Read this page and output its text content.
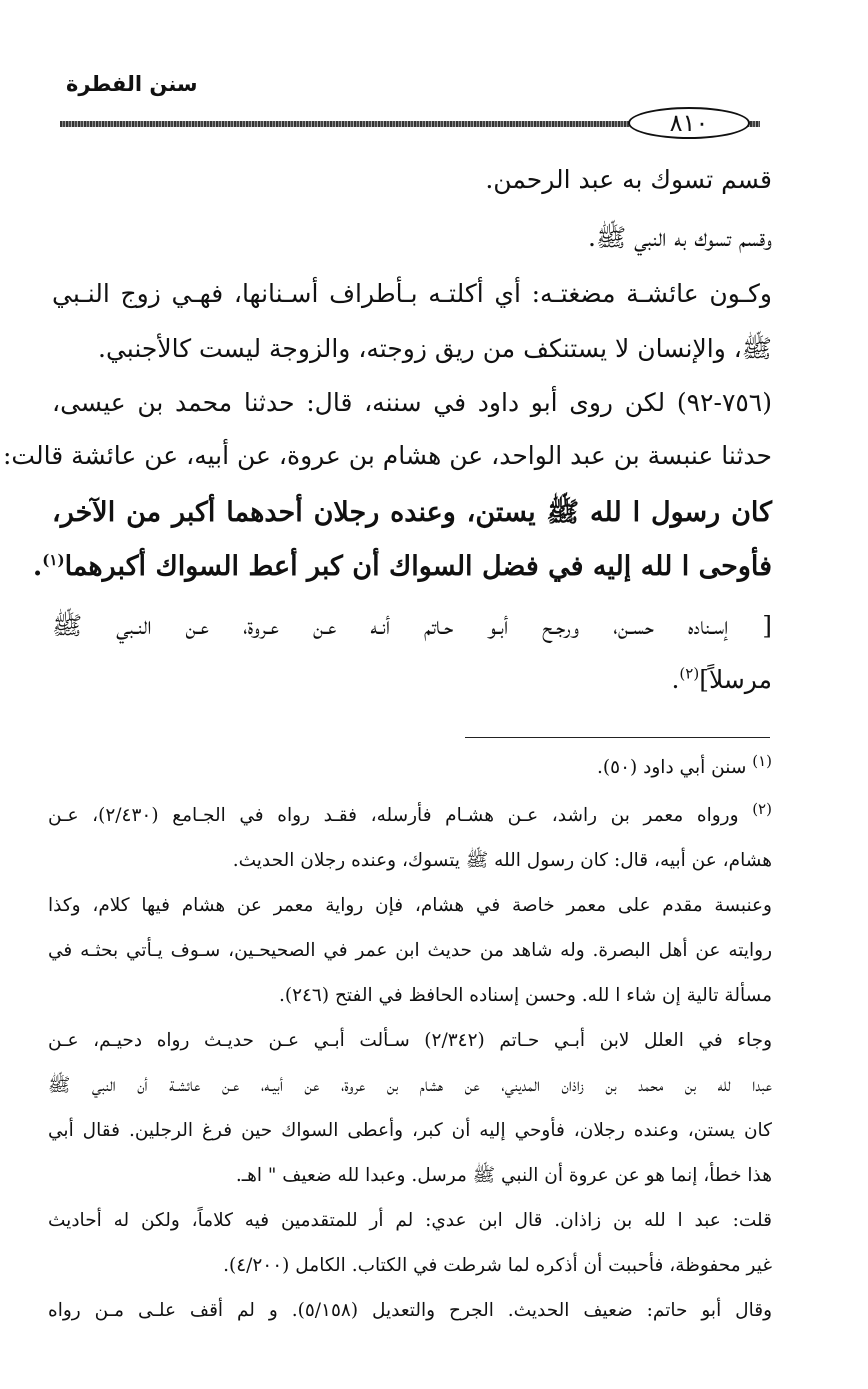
سنن الفطرة
٨١٠
قسم تسوك به عبد الرحمن.
وقسم تسوك به النبي ﷺ.
وكـون عائشـة مضغتـه: أي أكلتـه بـأطراف أسـنانها، فهـي زوج النـبي
ﷺ، والإنسان لا يستنكف من ريق زوجته، والزوجة ليست كالأجنبي.
(٧٥٦-٩٢) لكن روى أبو داود في سننه، قال: حدثنا محمد بن عيسى،
حدثنا عنبسة بن عبد الواحد، عن هشام بن عروة، عن أبيه، عن عائشة قالت:
كان رسول ا لله ﷺ يستن، وعنده رجلان أحدهما أكبر من الآخر،
فأوحى ا لله إليه في فضل السواك أن كبر أعط السواك أكبرهما$^{(١)}$.
[ إسـناده حسـن، ورجـح أبـو حـاتم أنـه عـن عـروة، عـن النـبي ﷺ
مرسلاً]$^{(٢)}$.
$^{(١)}$ سنن أبي داود (٥٠).
$^{(٢)}$ ورواه معمر بن راشد، عـن هشـام فأرسله، فقـد رواه في الجـامع (٢/٤٣٠)، عـن
هشام، عن أبيه، قال: كان رسول الله ﷺ يتسوك، وعنده رجلان الحديث.
وعنبسة مقدم على معمر خاصة في هشام، فإن رواية معمر عن هشام فيها كلام، وكذا
روايته عن أهل البصرة. وله شاهد من حديث ابن عمر في الصحيحـين، سـوف يـأتي بحثـه في
مسألة تالية إن شاء ا لله. وحسن إسناده الحافظ في الفتح (٢٤٦).
وجاء في العلل لابن أبـي حـاتم (٢/٣٤٢) سـألت أبـي عـن حديـث رواه دحيـم، عـن
عبدا لله بن محمد بن زاذان المديني، عن هشام بن عروة، عن أبيـه، عـن عائشـة أن النبي ﷺ
كان يستن، وعنده رجلان، فأوحي إليه أن كبر، وأعطى السواك حين فرغ الرجلين. فقال أبي
هذا خطأ، إنما هو عن عروة أن النبي ﷺ مرسل. وعبدا لله ضعيف " اهـ.
قلت: عبد ا لله بن زاذان. قال ابن عدي: لم أر للمتقدمين فيه كلاماً، ولكن له أحاديث
غير محفوظة، فأحببت أن أذكره لما شرطت في الكتاب. الكامل (٤/٢٠٠).
وقال أبو حاتم: ضعيف الحديث. الجرح والتعديل (٥/١٥٨). و لم أقف علـى مـن رواه
